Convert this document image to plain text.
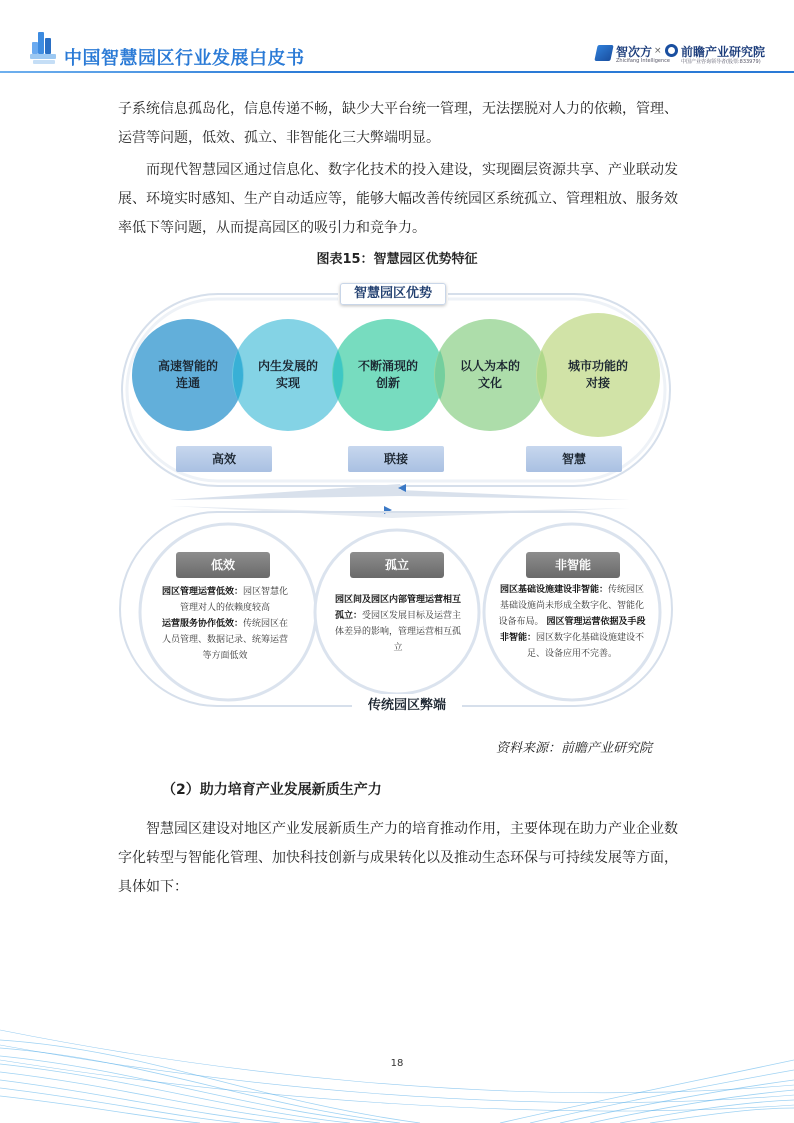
中国智慧园区行业发展白皮书	智次方
Zhicifang Intelligence
× 前瞻产业研究院
中国产业咨询领导者(股票:833979)

子系统信息孤岛化，信息传递不畅，缺少大平台统一管理，无法摆脱对人力的依赖，管理、运营等问题，低效、孤立、非智能化三大弊端明显。

而现代智慧园区通过信息化、数字化技术的投入建设，实现圈层资源共享、产业联动发展、环境实时感知、生产自动适应等，能够大幅改善传统园区系统孤立、管理粗放、服务效率低下等问题，从而提高园区的吸引力和竞争力。

图表15：智慧园区优势特征
智慧园区优势
高速智能的
连通
内生发展的
实现
不断涌现的
创新
以人为本的
文化
城市功能的
对接
高效	联接	智慧
低效	孤立	非智能
园区管理运营低效：园区智慧化管理对人的依赖度较高
运营服务协作低效：传统园区在人员管理、数据记录、统筹运营等方面低效
园区间及园区内部管理运营相互孤立：受园区发展目标及运营主体差异的影响，管理运营相互孤立
园区基础设施建设非智能：传统园区基础设施尚未形成全数字化、智能化设备布局。 园区管理运营依据及手段非智能：园区数字化基础设施建设不足、设备应用不完善。
传统园区弊端
资料来源：前瞻产业研究院
（2）助力培育产业发展新质生产力

智慧园区建设对地区产业发展新质生产力的培育推动作用，主要体现在助力产业企业数字化转型与智能化管理、加快科技创新与成果转化以及推动生态环保与可持续发展等方面，具体如下：

18
